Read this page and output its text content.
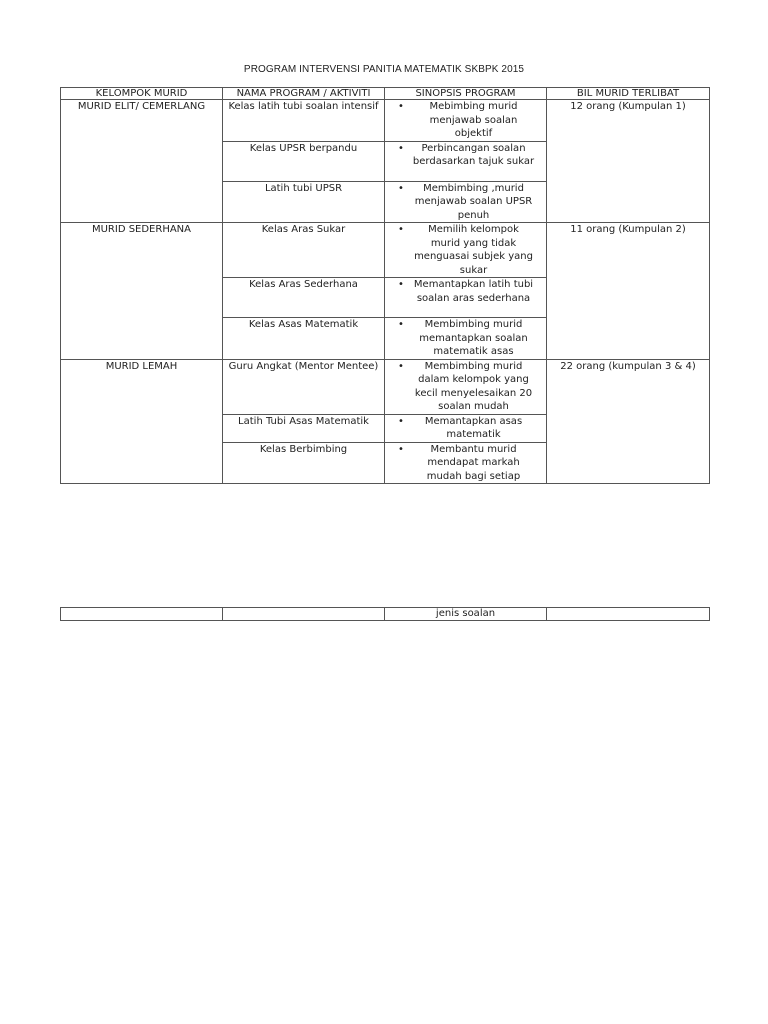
PROGRAM INTERVENSI PANITIA MATEMATIK SKBPK 2015
KELOMPOK MURID	NAMA PROGRAM / AKTIVITI	SINOPSIS PROGRAM	BIL MURID TERLIBAT
MURID ELIT/ CEMERLANG	Kelas latih tubi soalan intensif	• Mebimbing murid menjawab soalan objektif	12 orang (Kumpulan 1)
	Kelas UPSR berpandu	• Perbincangan soalan berdasarkan tajuk sukar	

	Latih tubi UPSR	• Membimbing ,murid menjawab soalan UPSR penuh	

MURID SEDERHANA	Kelas Aras Sukar	• Memilih kelompok murid yang tidak menguasai subjek yang sukar	11 orang (Kumpulan 2)
	Kelas Aras Sederhana	• Memantapkan latih tubi soalan aras sederhana	

	Kelas Asas Matematik	• Membimbing murid memantapkan soalan matematik asas	

MURID LEMAH	Guru Angkat (Mentor Mentee)	• Membimbing murid dalam kelompok yang kecil menyelesaikan 20 soalan mudah	22 orang (kumpulan 3 & 4)
	Latih Tubi Asas Matematik	• Memantapkan asas matematik	

	Kelas Berbimbing	• Membantu murid mendapat markah mudah bagi setiap	
		jenis soalan	
